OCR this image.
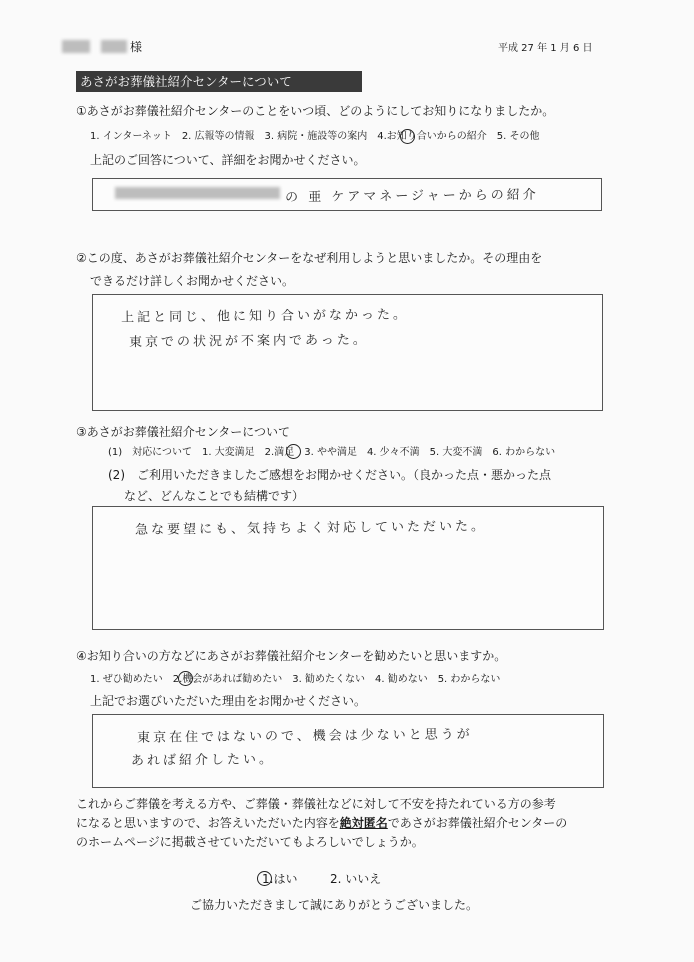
様	平成 27 年 1 月 6 日
あさがお葬儀社紹介センターについて
①あさがお葬儀社紹介センターのことをいつ頃、どのようにしてお知りになりましたか。
1. インターネット　2. 広報等の情報　3. 病院・施設等の案内　4.お知り合いからの紹介　5. その他
上記のご回答について、詳細をお聞かせください。
の 亜 ケアマネージャーからの紹介
②この度、あさがお葬儀社紹介センターをなぜ利用しようと思いましたか。その理由を
できるだけ詳しくお聞かせください。
上記と同じ、他に知り合いがなかった。
東京での状況が不案内であった。
③あさがお葬儀社紹介センターについて
(1)　対応について　1. 大変満足　2.満足　3. やや満足　4. 少々不満　5. 大変不満　6. わからない
(2)　ご利用いただきましたご感想をお聞かせください。（良かった点・悪かった点
など、どんなことでも結構です）
急な要望にも、気持ちよく対応していただいた。
④お知り合いの方などにあさがお葬儀社紹介センターを勧めたいと思いますか。
1. ぜひ勧めたい　2.機会があれば勧めたい　3. 勧めたくない　4. 勧めない　5. わからない
上記でお選びいただいた理由をお聞かせください。
東京在住ではないので、機会は少ないと思うが
あれば紹介したい。
これからご葬儀を考える方や、ご葬儀・葬儀社などに対して不安を持たれている方の参考
になると思いますので、お答えいただいた内容を絶対匿名であさがお葬儀社紹介センターの
のホームページに掲載させていただいてもよろしいでしょうか。
1.はい	2. いいえ
ご協力いただきまして誠にありがとうございました。
